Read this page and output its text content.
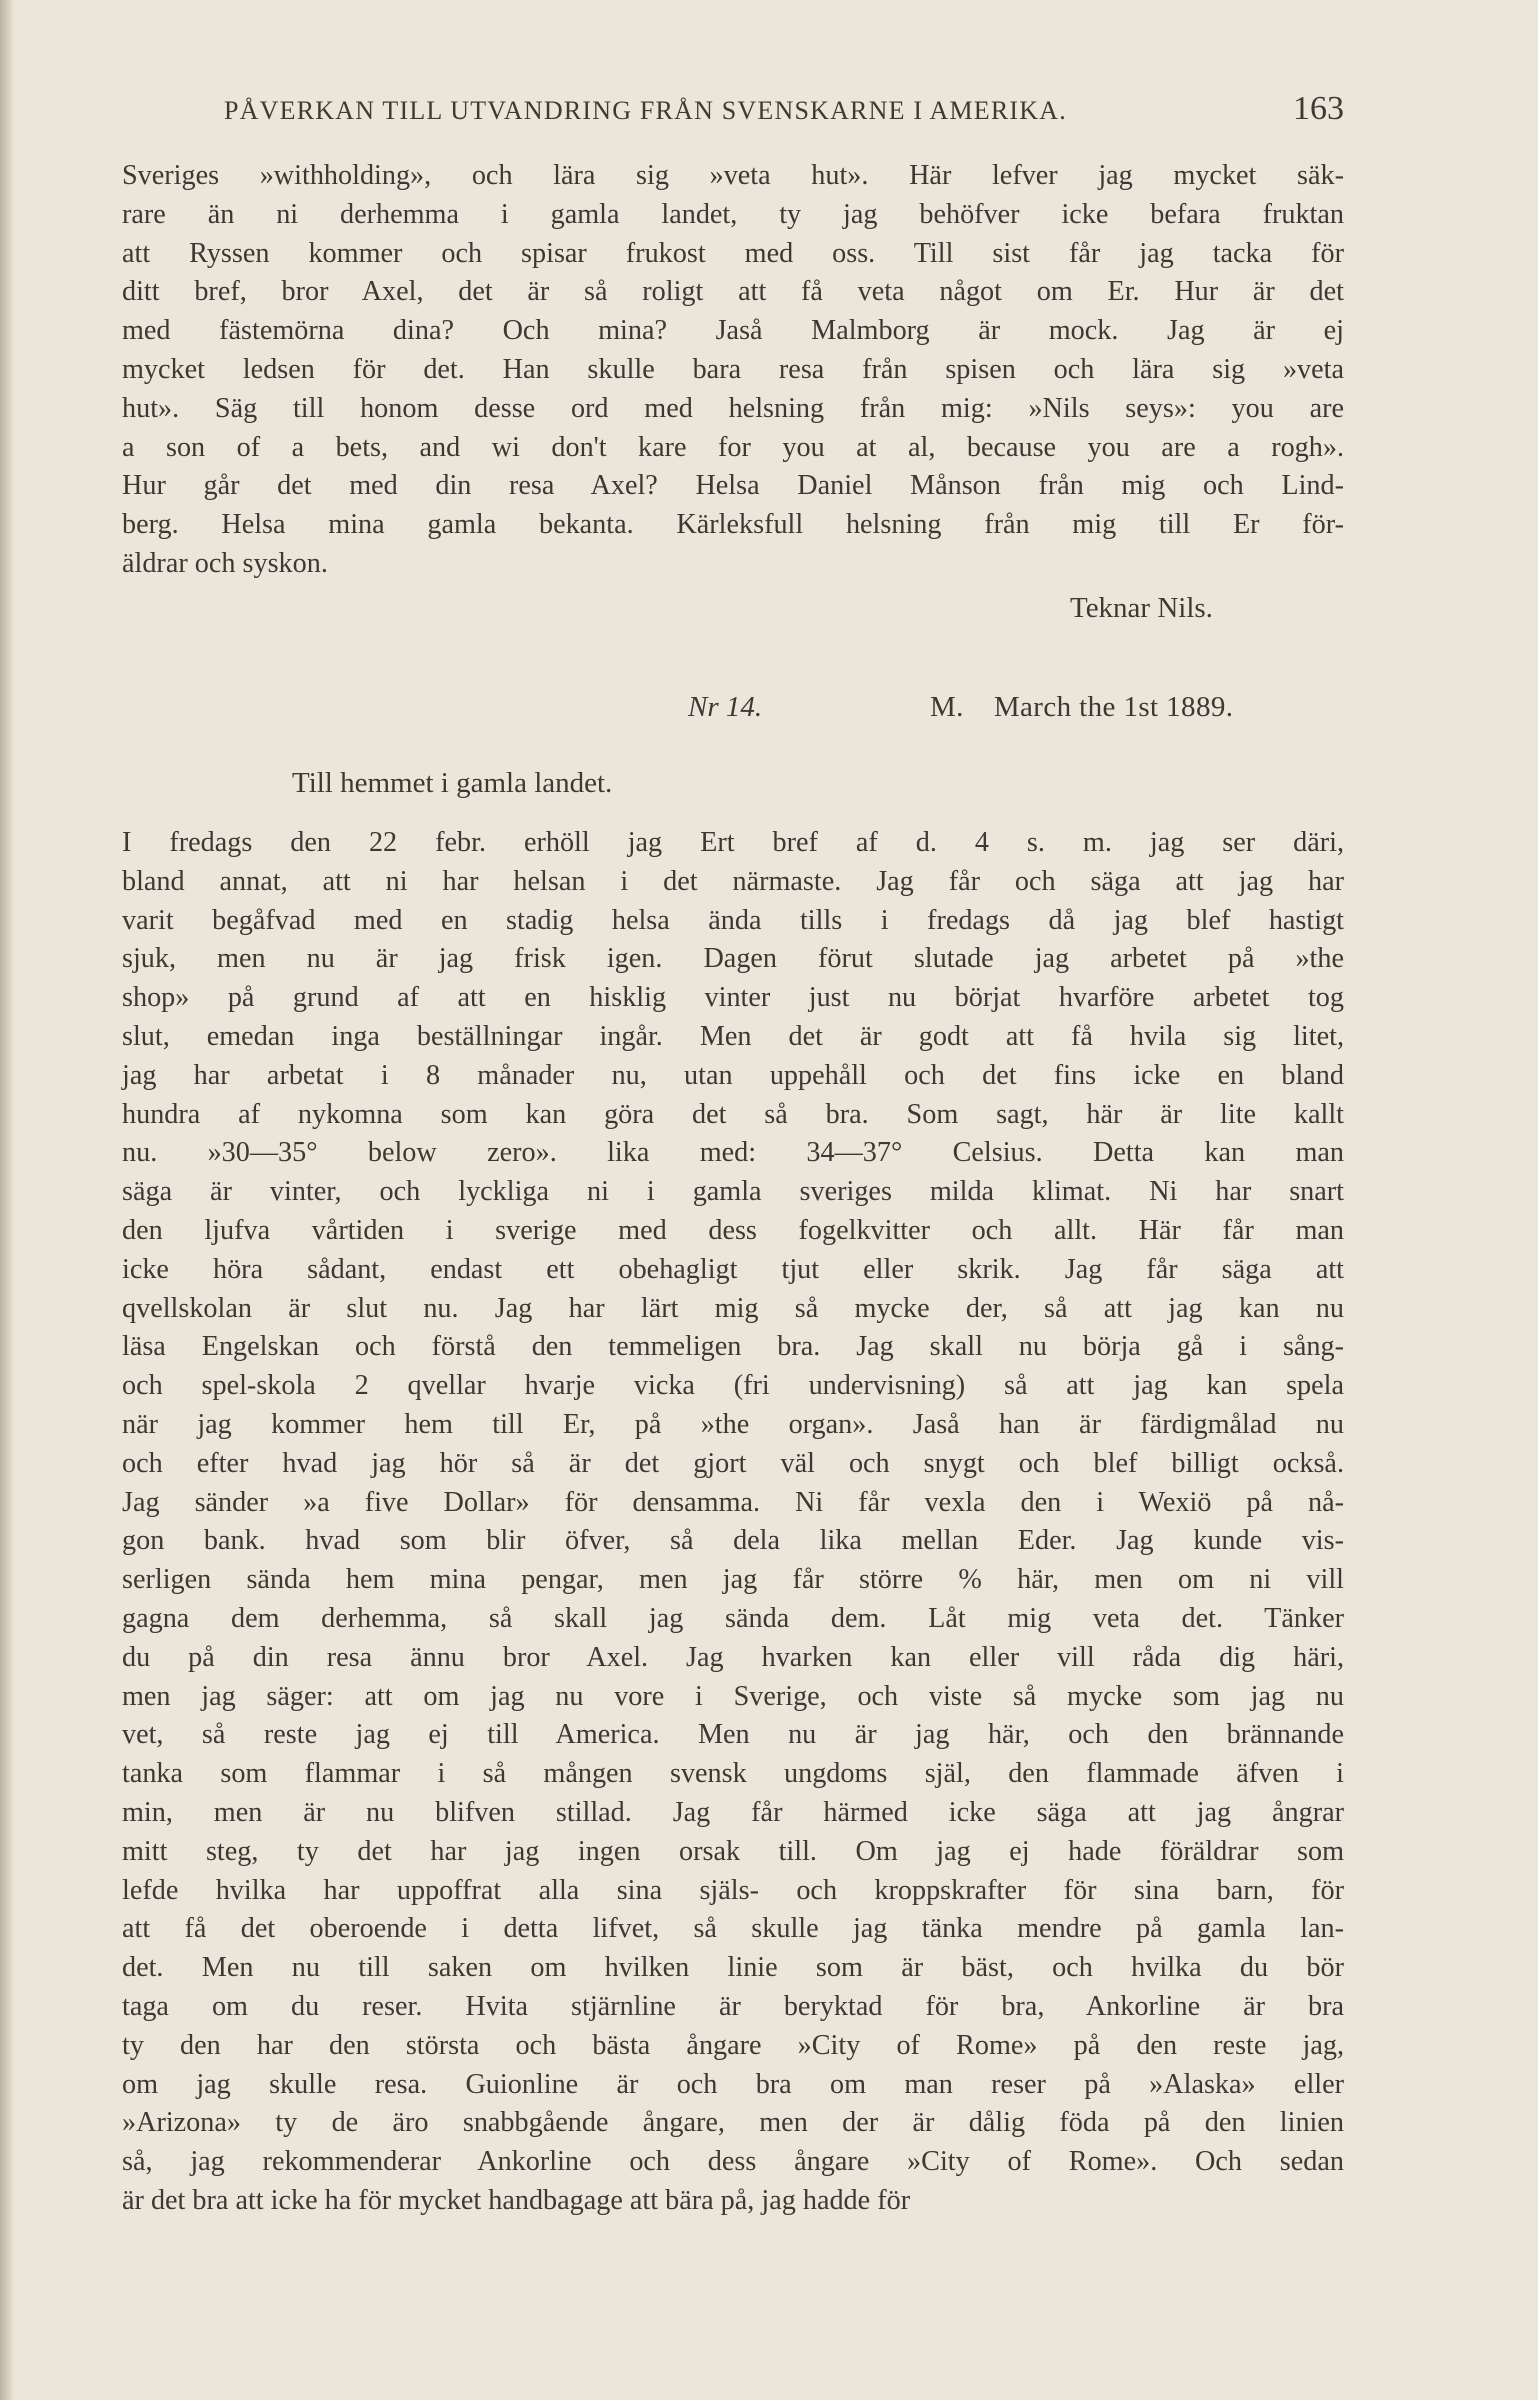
PÅVERKAN TILL UTVANDRING FRÅN SVENSKARNE I AMERIKA.	163
Sveriges »withholding», och lära sig »veta hut». Här lefver jag mycket säk-
rare än ni derhemma i gamla landet, ty jag behöfver icke befara fruktan
att Ryssen kommer och spisar frukost med oss. Till sist får jag tacka för
ditt bref, bror Axel, det är så roligt att få veta något om Er. Hur är det
med fästemörna dina? Och mina? Jaså Malmborg är mock. Jag är ej
mycket ledsen för det. Han skulle bara resa från spisen och lära sig »veta
hut». Säg till honom desse ord med helsning från mig: »Nils seys»: you are
a son of a bets, and wi don't kare for you at al, because you are a rogh».
Hur går det med din resa Axel? Helsa Daniel Månson från mig och Lind-
berg. Helsa mina gamla bekanta. Kärleksfull helsning från mig till Er för-
äldrar och syskon.
Teknar Nils.
Nr 14.	M. March the 1st 1889.
Till hemmet i gamla landet.
I fredags den 22 febr. erhöll jag Ert bref af d. 4 s. m. jag ser däri,
bland annat, att ni har helsan i det närmaste. Jag får och säga att jag har
varit begåfvad med en stadig helsa ända tills i fredags då jag blef hastigt
sjuk, men nu är jag frisk igen. Dagen förut slutade jag arbetet på »the
shop» på grund af att en hisklig vinter just nu börjat hvarföre arbetet tog
slut, emedan inga beställningar ingår. Men det är godt att få hvila sig litet,
jag har arbetat i 8 månader nu, utan uppehåll och det fins icke en bland
hundra af nykomna som kan göra det så bra. Som sagt, här är lite kallt
nu. »30—35° below zero». lika med: 34—37° Celsius. Detta kan man
säga är vinter, och lyckliga ni i gamla sveriges milda klimat. Ni har snart
den ljufva vårtiden i sverige med dess fogelkvitter och allt. Här får man
icke höra sådant, endast ett obehagligt tjut eller skrik. Jag får säga att
qvellskolan är slut nu. Jag har lärt mig så mycke der, så att jag kan nu
läsa Engelskan och förstå den temmeligen bra. Jag skall nu börja gå i sång-
och spel-skola 2 qvellar hvarje vicka (fri undervisning) så att jag kan spela
när jag kommer hem till Er, på »the organ». Jaså han är färdigmålad nu
och efter hvad jag hör så är det gjort väl och snygt och blef billigt också.
Jag sänder »a five Dollar» för densamma. Ni får vexla den i Wexiö på nå-
gon bank. hvad som blir öfver, så dela lika mellan Eder. Jag kunde vis-
serligen sända hem mina pengar, men jag får större % här, men om ni vill
gagna dem derhemma, så skall jag sända dem. Låt mig veta det. Tänker
du på din resa ännu bror Axel. Jag hvarken kan eller vill råda dig häri,
men jag säger: att om jag nu vore i Sverige, och viste så mycke som jag nu
vet, så reste jag ej till America. Men nu är jag här, och den brännande
tanka som flammar i så mången svensk ungdoms själ, den flammade äfven i
min, men är nu blifven stillad. Jag får härmed icke säga att jag ångrar
mitt steg, ty det har jag ingen orsak till. Om jag ej hade föräldrar som
lefde hvilka har uppoffrat alla sina själs- och kroppskrafter för sina barn, för
att få det oberoende i detta lifvet, så skulle jag tänka mendre på gamla lan-
det. Men nu till saken om hvilken linie som är bäst, och hvilka du bör
taga om du reser. Hvita stjärnline är beryktad för bra, Ankorline är bra
ty den har den största och bästa ångare »City of Rome» på den reste jag,
om jag skulle resa. Guionline är och bra om man reser på »Alaska» eller
»Arizona» ty de äro snabbgående ångare, men der är dålig föda på den linien
så, jag rekommenderar Ankorline och dess ångare »City of Rome». Och sedan
är det bra att icke ha för mycket handbagage att bära på, jag hadde för
